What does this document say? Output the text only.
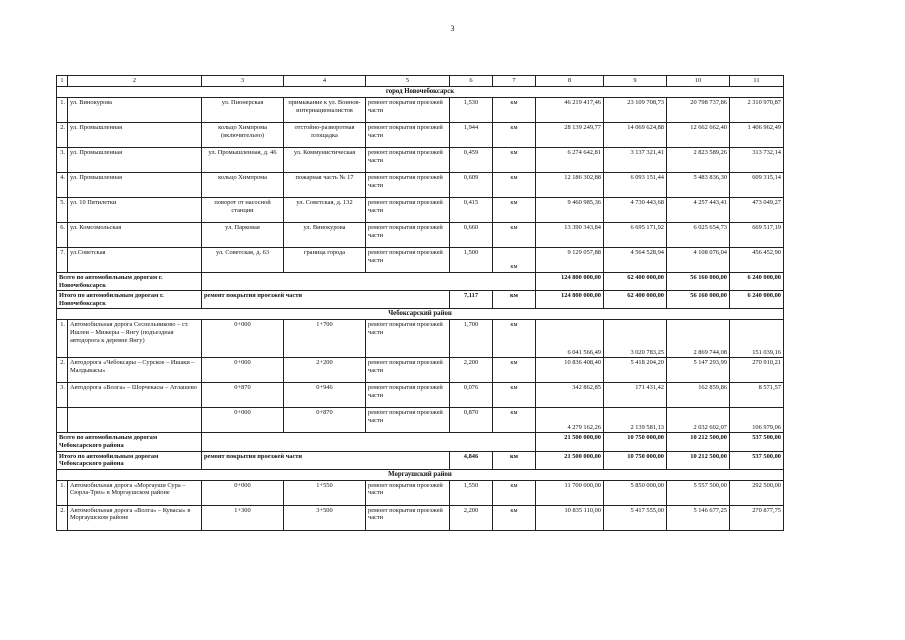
3
1	2	3	4	5	6	7	8	9	10	11
город Новочебоксарск										
1.	ул. Винокурова	ул. Пионерская	примыкание к ул. Воинов-интернационалистов	ремонт покрытия проезжей части	1,530	км	46 219 417,46	23 109 708,73	20 798 737,86	2 310 970,87
2.	ул. Промышленная	кольцо Химпрома (включительно)	отстойно-разворотная площадка	ремонт покрытия проезжей части	1,944	км	28 139 249,77	14 069 624,88	12 662 662,40	1 406 962,49
3.	ул. Промышленная	ул. Промышленная, д. 46	ул. Коммунистическая	ремонт покрытия проезжей части	0,459	км	6 274 642,81	3 137 321,41	2 823 589,26	313 732,14
4.	ул. Промышленная	кольцо Химпрома	пожарная часть № 17	ремонт покрытия проезжей части	0,609	км	12 186 302,88	6 093 151,44	5 483 836,30	609 315,14
5.	ул. 10 Пятилетки	поворот от насосной станции	ул. Советская, д. 132	ремонт покрытия проезжей части	0,415	км	9 460 985,36	4 730 443,68	4 257 443,41	473 049,27
6.	ул. Комсомольская	ул. Парковая	ул. Винокурова	ремонт покрытия проезжей части	0,660	км	13 390 343,84	6 695 171,92	6 025 654,73	669 517,19
7.	ул.Советская	ул. Советская, д. 63	граница города	ремонт покрытия проезжей части	1,500	км	9 129 057,88	4 564 528,94	4 108 076,04	456 452,90
Всего по автомобильным дорогам г. Новочебоксарск							124 800 000,00	62 400 000,00	56 160 000,00	6 240 000,00
Итого по автомобильным дорогам г. Новочебоксарск		ремонт покрытия проезжей части			7,117	км	124 800 000,00	62 400 000,00	56 160 000,00	6 240 000,00
Чебоксарский район										
1.	Автомобильная дорога Сеспельниково – ст. Ишлеи – Мижеры – Янгу (подъездная автодорога к деревне Янгу)	0+000	1+700	ремонт покрытия проезжей части	1,700	км	6 041 566,49	3 020 783,25	2 869 744,08	151 039,16
2.	Автодорога «Чебоксары – Сурское – Ишаки – Малдыкасы»	0+000	2+200	ремонт покрытия проезжей части	2,200	км	10 836 408,40	5 418 204,20	5 147 293,99	270 910,21
3.	Автодорога «Волга» – Шорчекасы – Атлашево	0+870	0+946	ремонт покрытия проезжей части	0,076	км	342 862,85	171 431,42	162 859,86	8 571,57
		0+000	0+870	ремонт покрытия проезжей части	0,870	км	4 279 162,26	2 139 581,13	2 032 602,07	106 979,06
Всего по автомобильным дорогам Чебоксарского района							21 500 000,00	10 750 000,00	10 212 500,00	537 500,00
Итого по автомобильным дорогам Чебоксарского района		ремонт покрытия проезжей части			4,846	км	21 500 000,00	10 750 000,00	10 212 500,00	537 500,00
Моргаушский район										
1.	Автомобильная дорога «Моргауши Сура – Сюрла-Трю» в Моргаушском районе	0+000	1+550	ремонт покрытия проезжей части	1,550	км	11 700 000,00	5 850 000,00	5 557 500,00	292 500,00
2.	Автомобильная дорога «Волга» – Кувасы» в Моргаушском районе	1+300	3+500	ремонт покрытия проезжей части	2,200	км	10 835 110,00	5 417 555,00	5 146 677,25	270 877,75
